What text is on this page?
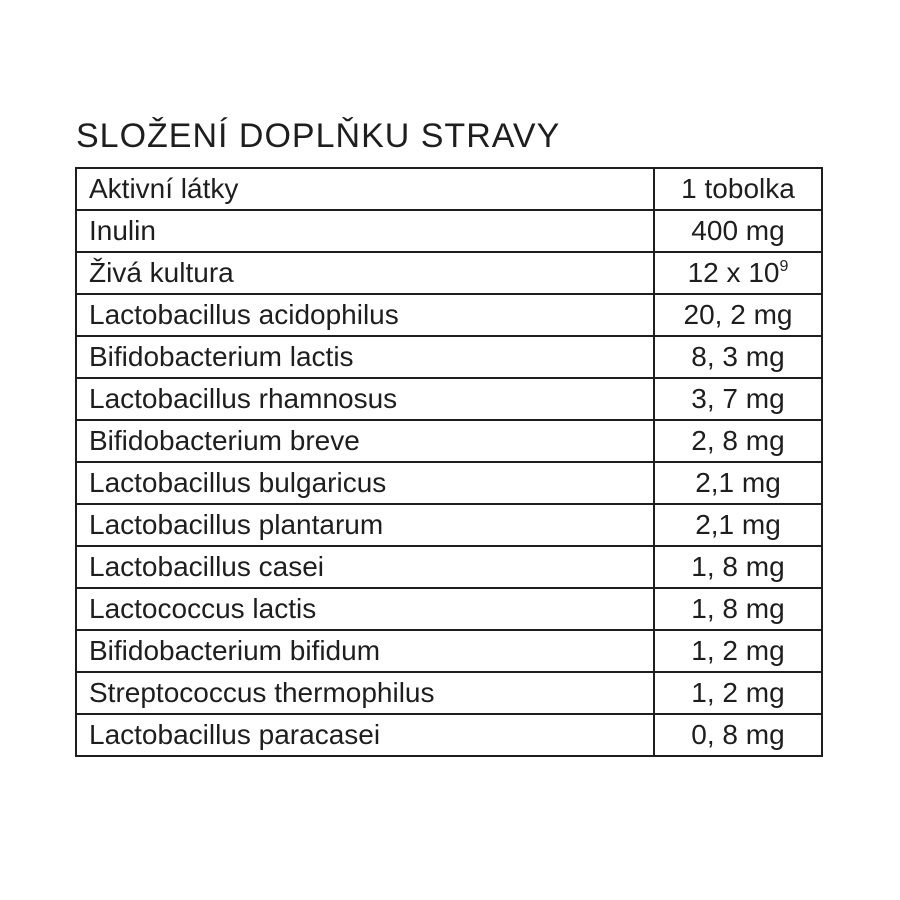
SLOŽENÍ DOPLŇKU STRAVY
Aktivní látky	1 tobolka
Inulin	400 mg
Živá kultura	12 x $10^9$
Lactobacillus acidophilus	20, 2 mg
Bifidobacterium lactis	8, 3 mg
Lactobacillus rhamnosus	3, 7 mg
Bifidobacterium breve	2, 8 mg
Lactobacillus bulgaricus	2,1 mg
Lactobacillus plantarum	2,1 mg
Lactobacillus casei	1, 8 mg
Lactococcus lactis	1, 8 mg
Bifidobacterium bifidum	1, 2 mg
Streptococcus thermophilus	1, 2 mg
Lactobacillus paracasei	0, 8 mg
